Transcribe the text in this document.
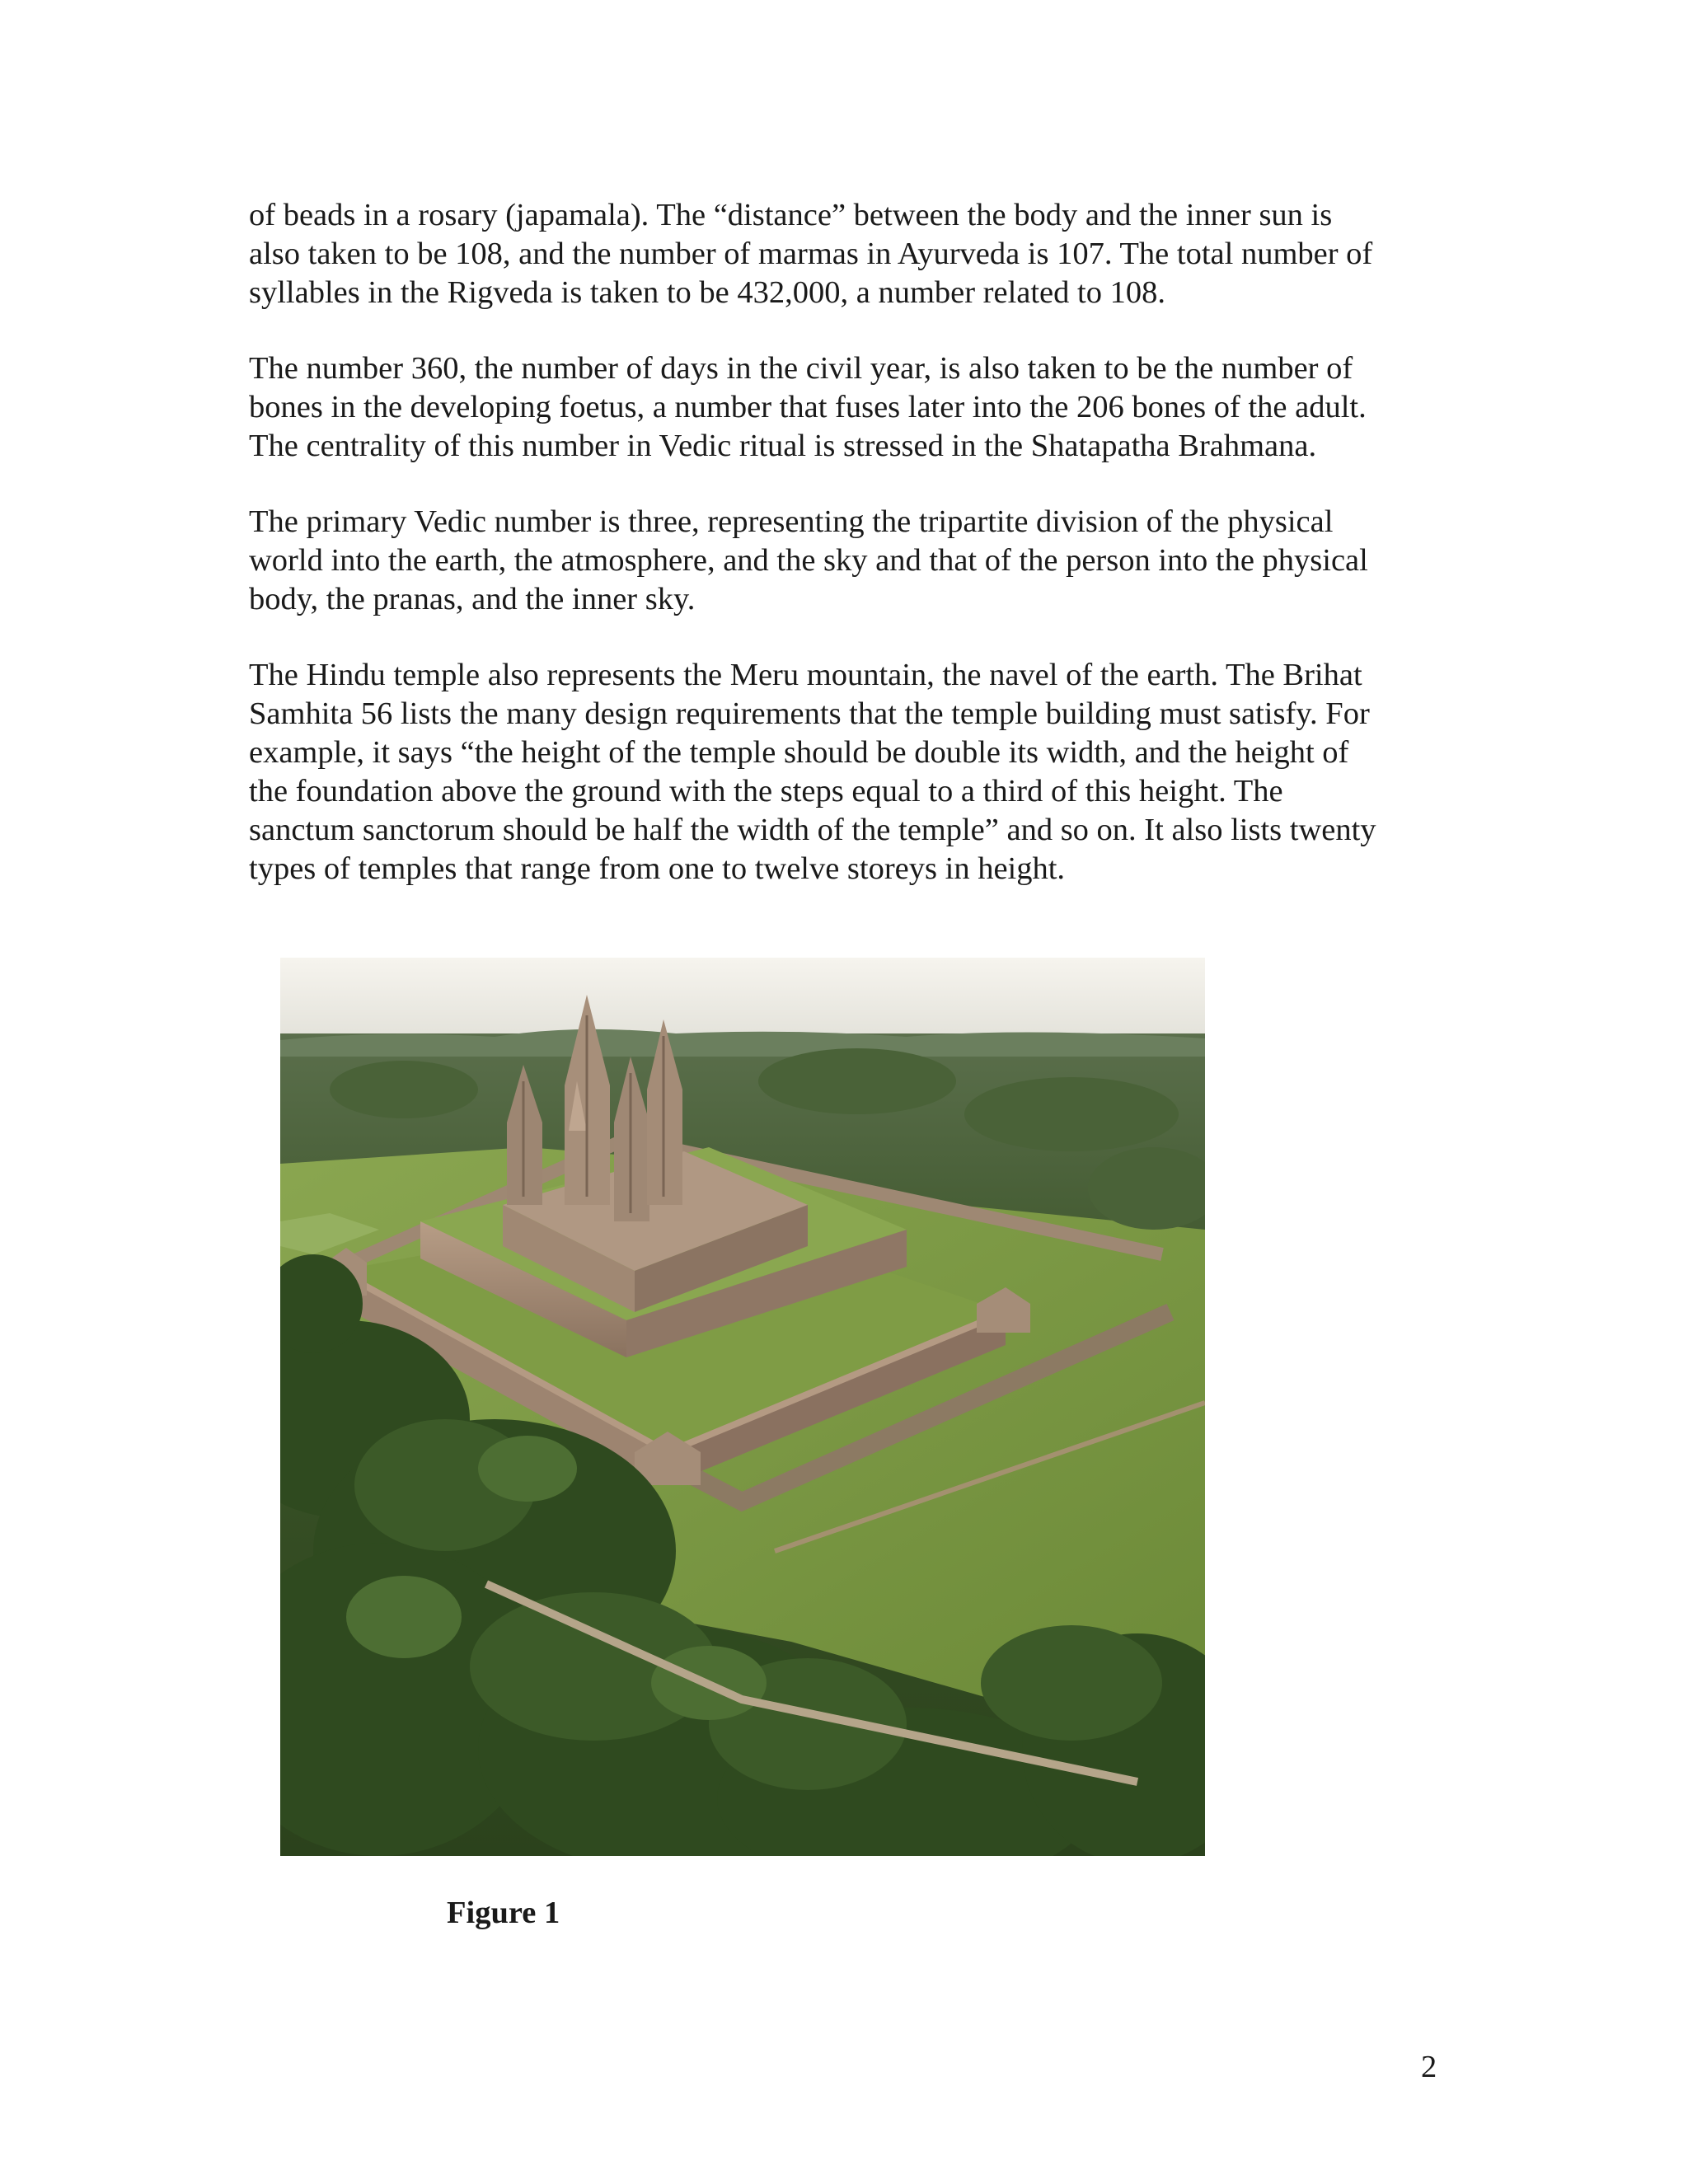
of beads in a rosary (japamala). The “distance” between the body and the inner sun is
also taken to be 108, and the number of marmas in Ayurveda is 107. The total number of
syllables in the Rigveda is taken to be 432,000, a number related to 108.

The number 360, the number of days in the civil year, is also taken to be the number of
bones in the developing foetus, a number that fuses later into the 206 bones of the adult.
The centrality of this number in Vedic ritual is stressed in the Shatapatha Brahmana.

The primary Vedic number is three, representing the tripartite division of the physical
world into the earth, the atmosphere, and the sky and that of the person into the physical
body, the pranas, and the inner sky.

The Hindu temple also represents the Meru mountain, the navel of the earth. The Brihat
Samhita 56 lists the many design requirements that the temple building must satisfy. For
example, it says “the height of the temple should be double its width, and the height of
the foundation above the ground with the steps equal to a third of this height. The
sanctum sanctorum should be half the width of the temple” and so on. It also lists twenty
types of temples that range from one to twelve storeys in height.

Figure 1
2
